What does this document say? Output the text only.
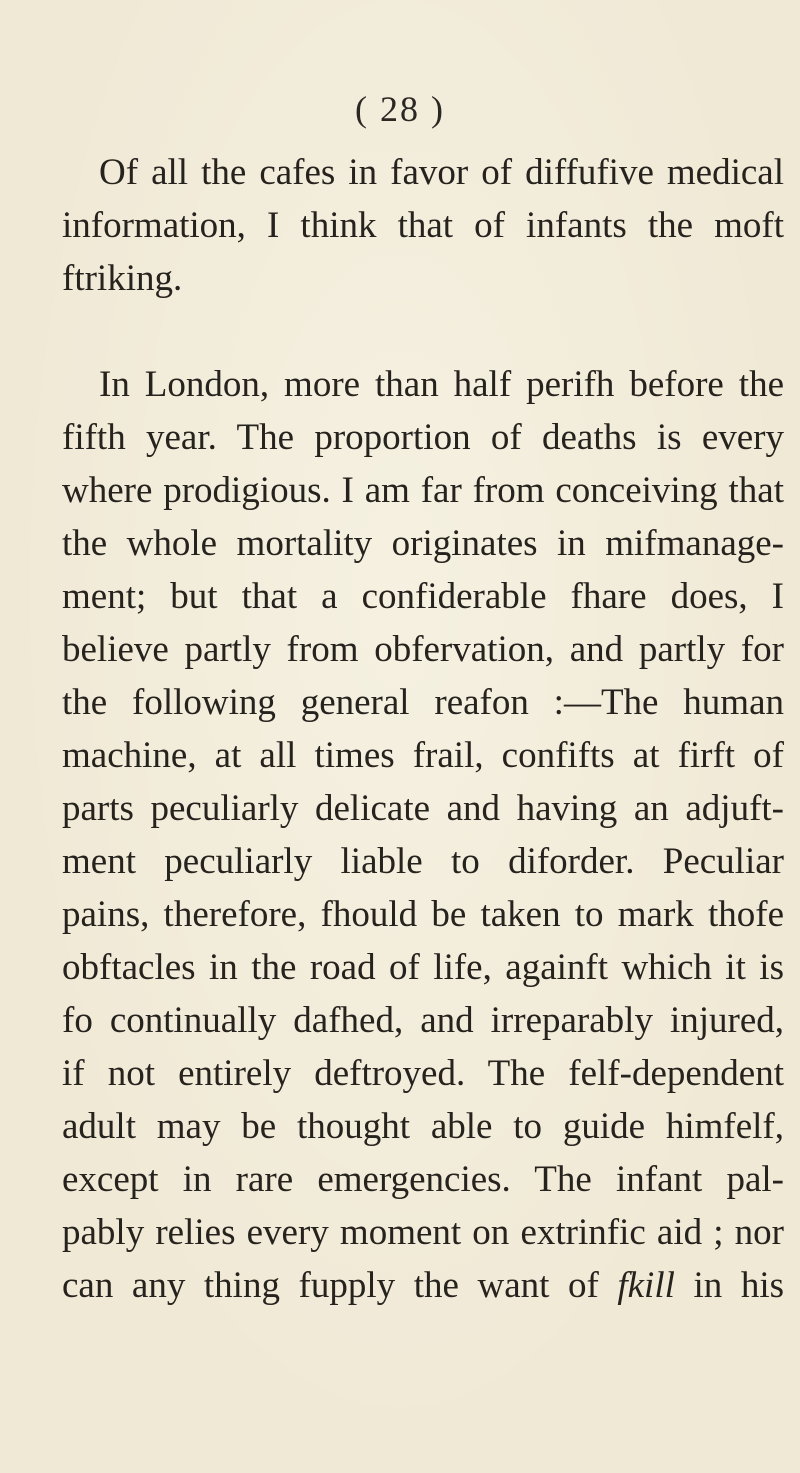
( 28 )
Of all the cafes in favor of diffufive medical
information, I think that of infants the moft
ftriking.
In London, more than half perifh before the
fifth year. The proportion of deaths is every
where prodigious. I am far from conceiving that
the whole mortality originates in mifmanage-
ment; but that a confiderable fhare does, I
believe partly from obfervation, and partly for
the following general reafon :—The human
machine, at all times frail, confifts at firft of
parts peculiarly delicate and having an adjuft-
ment peculiarly liable to diforder. Peculiar
pains, therefore, fhould be taken to mark thofe
obftacles in the road of life, againft which it is
fo continually dafhed, and irreparably injured,
if not entirely deftroyed. The felf-dependent
adult may be thought able to guide himfelf,
except in rare emergencies. The infant pal-
pably relies every moment on extrinfic aid ; nor
can any thing fupply the want of fkill in his
